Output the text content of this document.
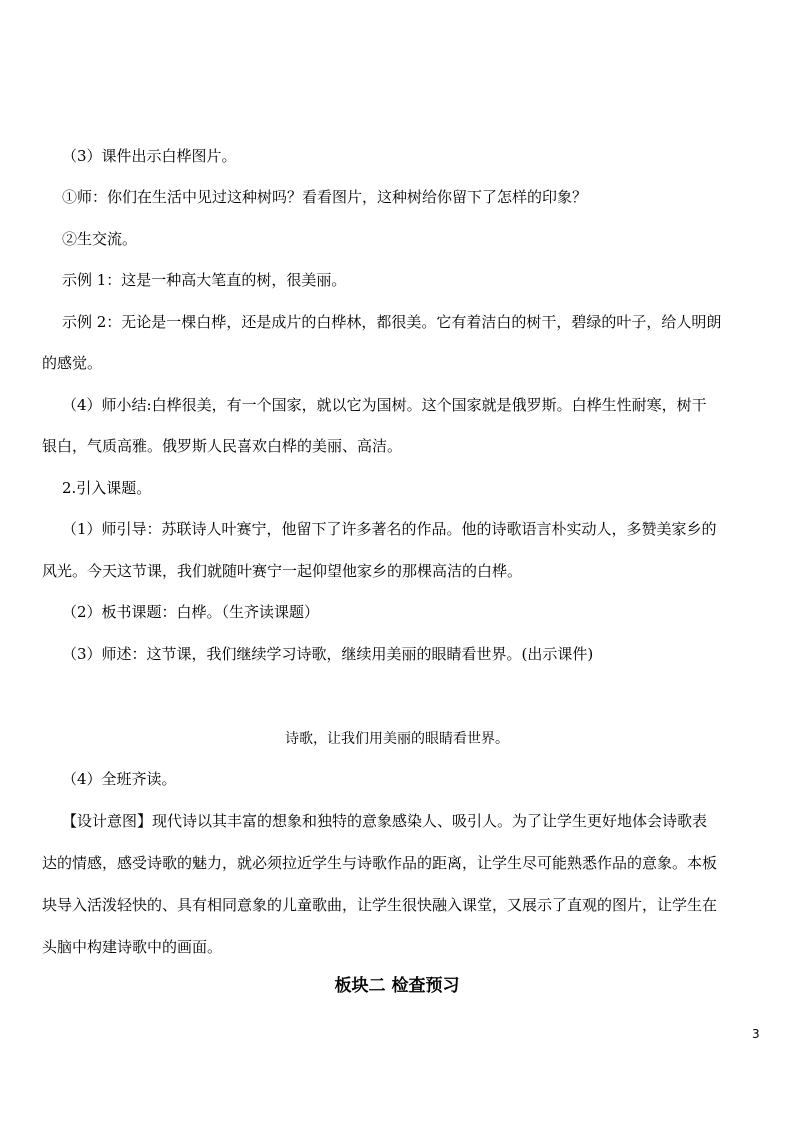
（3）课件出示白桦图片。
①师：你们在生活中见过这种树吗？看看图片，这种树给你留下了怎样的印象？
②生交流。
示例 1：这是一种高大笔直的树，很美丽。
示例 2：无论是一棵白桦，还是成片的白桦林，都很美。它有着洁白的树干，碧绿的叶子，给人明朗
的感觉。
（4）师小结:白桦很美，有一个国家，就以它为国树。这个国家就是俄罗斯。白桦生性耐寒，树干
银白，气质高雅。俄罗斯人民喜欢白桦的美丽、高洁。
2.引入课题。
（1）师引导：苏联诗人叶赛宁，他留下了许多著名的作品。他的诗歌语言朴实动人，多赞美家乡的
风光。今天这节课，我们就随叶赛宁一起仰望他家乡的那棵高洁的白桦。
（2）板书课题：白桦。（生齐读课题）
（3）师述：这节课，我们继续学习诗歌，继续用美丽的眼睛看世界。(出示课件)
诗歌，让我们用美丽的眼睛看世界。
（4）全班齐读。
【设计意图】现代诗以其丰富的想象和独特的意象感染人、吸引人。为了让学生更好地体会诗歌表
达的情感，感受诗歌的魅力，就必须拉近学生与诗歌作品的距离，让学生尽可能熟悉作品的意象。本板
块导入活泼轻快的、具有相同意象的儿童歌曲，让学生很快融入课堂，又展示了直观的图片，让学生在
头脑中构建诗歌中的画面。
板块二 检查预习
3
